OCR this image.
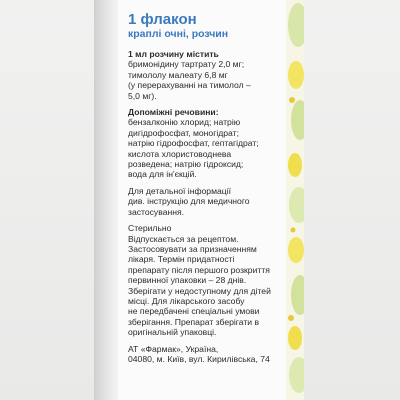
1 флакон
краплі очні, розчин
1 мл розчину містить
бримонідину тартрату 2,0 мг;
тимололу малеату 6,8 мг
(у перерахуванні на тимолол –
5,0 мг).
Допоміжні речовини:
бензалконію хлорид; натрію
дигідрофосфат, моногідрат;
натрію гідрофосфат, гептагідрат;
кислота хлористоводнева
розведена; натрію гідроксид;
вода для ін'єкцій.
Для детальної інформації
див. інструкцію для медичного
застосування.
Стерильно
Відпускається за рецептом.
Застосовувати за призначенням
лікаря. Термін придатності
препарату після першого розкриття
первинної упаковки – 28 днів.
Зберігати у недоступному для дітей
місці. Для лікарського засобу
не передбачені спеціальні умови
зберігання. Препарат зберігати в
оригінальній упаковці.
АТ «Фармак», Україна,
04080, м. Київ, вул. Кирилівська, 74
